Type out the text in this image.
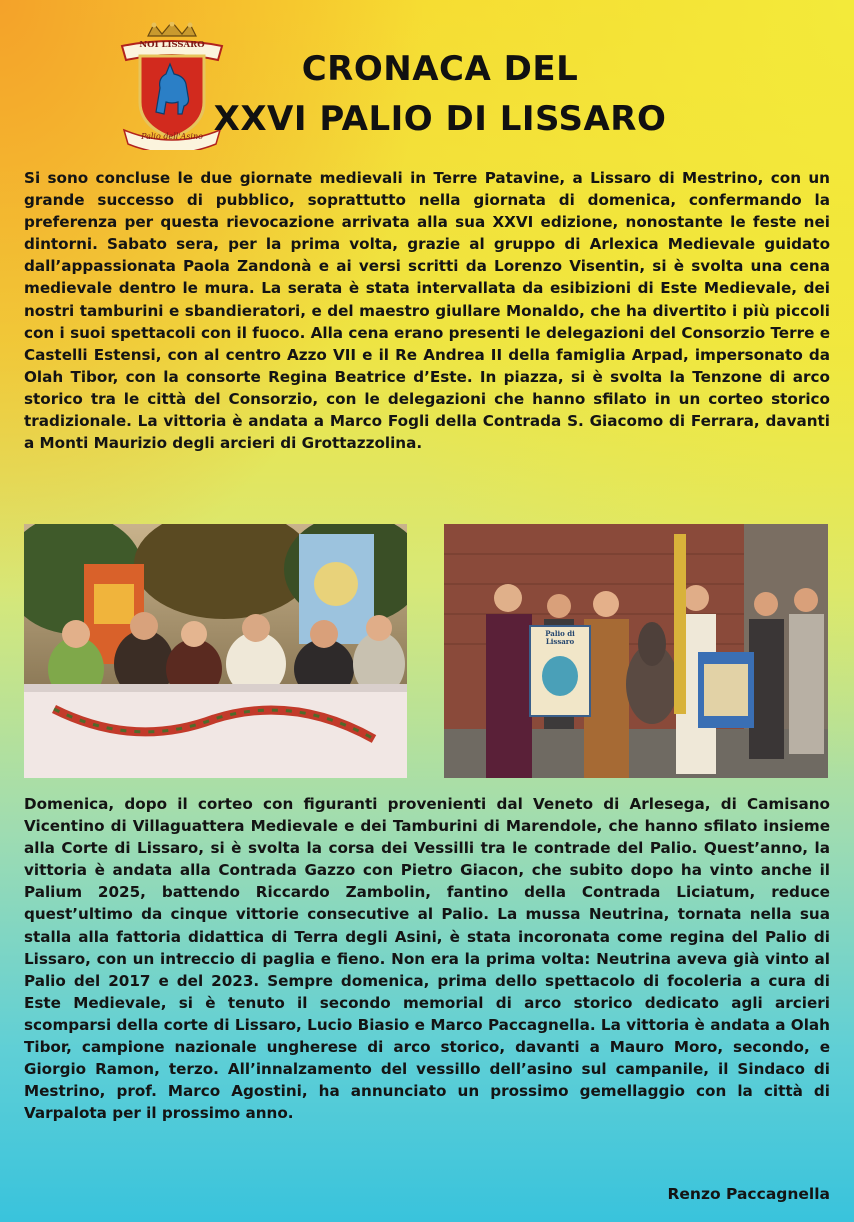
NOI LISSARO
Palio dell'Asino
CRONACA DEL
XXVI PALIO DI LISSARO
Si sono concluse le due giornate medievali in Terre Patavine, a Lissaro di Mestrino, con un grande successo di pubblico, soprattutto nella giornata di domenica, confermando la preferenza per questa rievocazione arrivata alla sua XXVI edizione, nonostante le feste nei dintorni. Sabato sera, per la prima volta, grazie al gruppo di Arlexica Medievale guidato dall’appassionata Paola Zandonà e ai versi scritti da Lorenzo Visentin, si è svolta una cena medievale dentro le mura. La serata è stata intervallata da esibizioni di Este Medievale, dei nostri tamburini e sbandieratori, e del maestro giullare Monaldo, che ha divertito i più piccoli con i suoi spettacoli con il fuoco. Alla cena erano presenti le delegazioni del Consorzio Terre e Castelli Estensi, con al centro Azzo VII e il Re Andrea II della famiglia Arpad, impersonato da Olah Tibor, con la consorte Regina Beatrice d’Este. In piazza, si è svolta la Tenzone di arco storico tra le città del Consorzio, con le delegazioni che hanno sfilato in un corteo storico tradizionale. La vittoria è andata a Marco Fogli della Contrada S. Giacomo di Ferrara, davanti a Monti Maurizio degli arcieri di Grottazzolina.
Palio di Lissaro
Domenica, dopo il corteo con figuranti provenienti dal Veneto di Arlesega, di Camisano Vicentino di Villaguattera Medievale e dei Tamburini di Marendole, che hanno sfilato insieme alla Corte di Lissaro, si è svolta la corsa dei Vessilli tra le contrade del Palio. Quest’anno, la vittoria è andata alla Contrada Gazzo con Pietro Giacon, che subito dopo ha vinto anche il Palium 2025, battendo Riccardo Zambolin, fantino della Contrada Liciatum, reduce quest’ultimo da cinque vittorie consecutive al Palio. La mussa Neutrina, tornata nella sua stalla alla fattoria didattica di Terra degli Asini, è stata incoronata come regina del Palio di Lissaro, con un intreccio di paglia e fieno. Non era la prima volta: Neutrina aveva già vinto al Palio del 2017 e del 2023. Sempre domenica, prima dello spettacolo di focoleria a cura di Este Medievale, si è tenuto il secondo memorial di arco storico dedicato agli arcieri scomparsi della corte di Lissaro, Lucio Biasio e Marco Paccagnella. La vittoria è andata a Olah Tibor, campione nazionale ungherese di arco storico, davanti a Mauro Moro, secondo, e Giorgio Ramon, terzo. All’innalzamento del vessillo dell’asino sul campanile, il Sindaco di Mestrino, prof. Marco Agostini, ha annunciato un prossimo gemellaggio con la città di Varpalota per il prossimo anno.
Renzo Paccagnella
